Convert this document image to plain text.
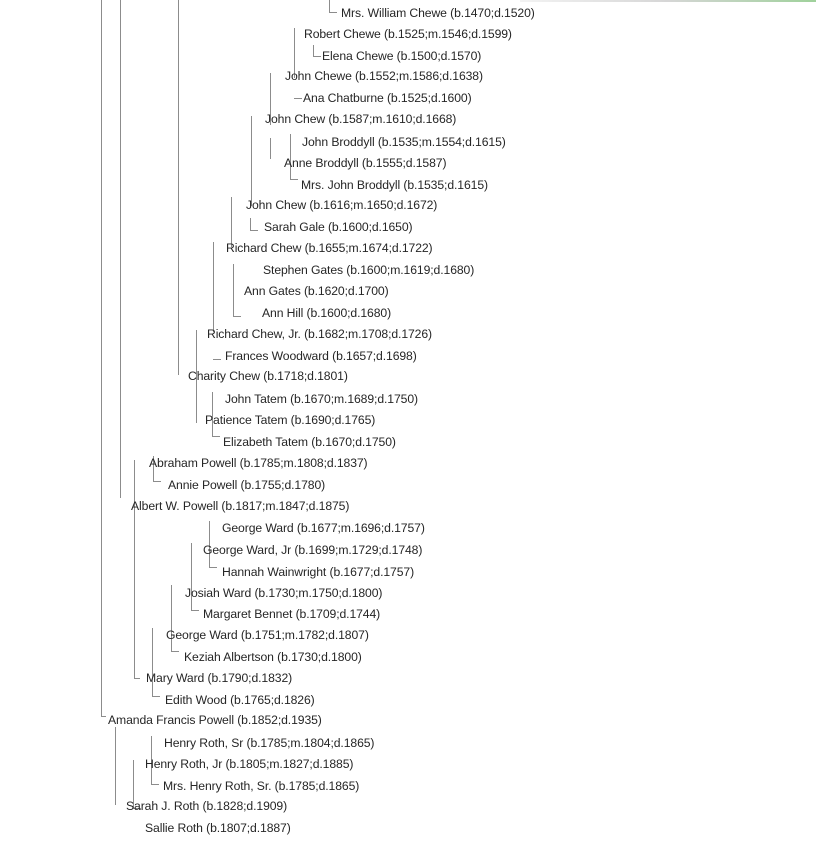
Mrs. William Chewe (b.1470;d.1520)
Robert Chewe (b.1525;m.1546;d.1599)
Elena Chewe (b.1500;d.1570)
John Chewe (b.1552;m.1586;d.1638)
Ana Chatburne (b.1525;d.1600)
John Chew (b.1587;m.1610;d.1668)
John Broddyll (b.1535;m.1554;d.1615)
Anne Broddyll (b.1555;d.1587)
Mrs. John Broddyll (b.1535;d.1615)
John Chew (b.1616;m.1650;d.1672)
Sarah Gale (b.1600;d.1650)
Richard Chew (b.1655;m.1674;d.1722)
Stephen Gates (b.1600;m.1619;d.1680)
Ann Gates (b.1620;d.1700)
Ann Hill (b.1600;d.1680)
Richard Chew, Jr. (b.1682;m.1708;d.1726)
Frances Woodward (b.1657;d.1698)
Charity Chew (b.1718;d.1801)
John Tatem (b.1670;m.1689;d.1750)
Patience Tatem (b.1690;d.1765)
Elizabeth Tatem (b.1670;d.1750)
Abraham Powell (b.1785;m.1808;d.1837)
Annie Powell (b.1755;d.1780)
Albert W. Powell (b.1817;m.1847;d.1875)
George Ward (b.1677;m.1696;d.1757)
George Ward, Jr (b.1699;m.1729;d.1748)
Hannah Wainwright (b.1677;d.1757)
Josiah Ward (b.1730;m.1750;d.1800)
Margaret Bennet (b.1709;d.1744)
George Ward (b.1751;m.1782;d.1807)
Keziah Albertson (b.1730;d.1800)
Mary Ward (b.1790;d.1832)
Edith Wood (b.1765;d.1826)
Amanda Francis Powell (b.1852;d.1935)
Henry Roth, Sr (b.1785;m.1804;d.1865)
Henry Roth, Jr (b.1805;m.1827;d.1885)
Mrs. Henry Roth, Sr. (b.1785;d.1865)
Sarah J. Roth (b.1828;d.1909)
Sallie Roth (b.1807;d.1887)
